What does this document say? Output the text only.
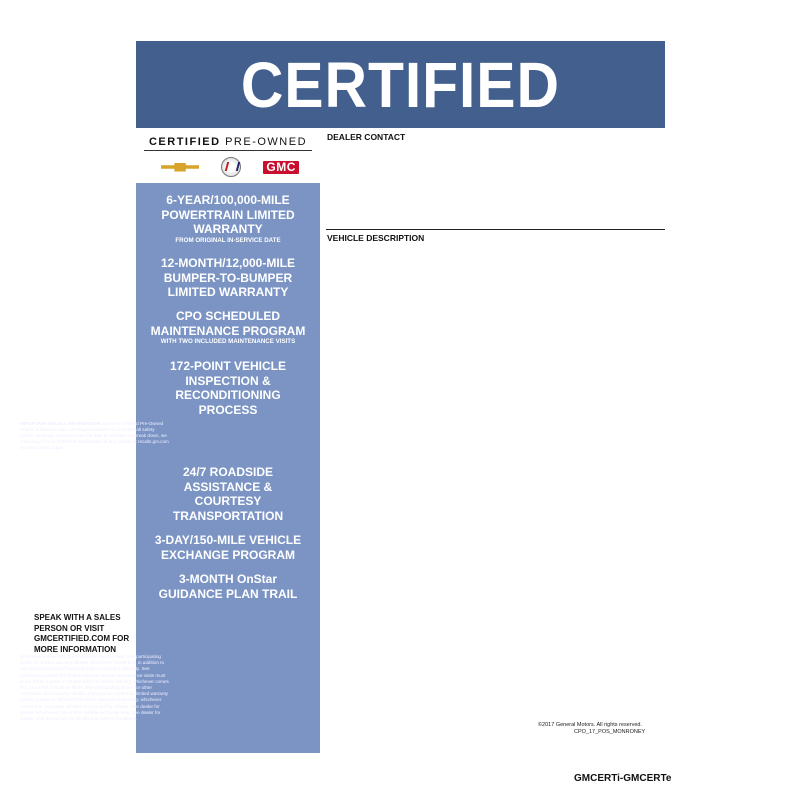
CERTIFIED
CERTIFIED PRE-OWNED
GMC
6-YEAR/100,000-MILE POWERTRAIN LIMITED WARRANTY
FROM ORIGINAL IN-SERVICE DATE
12-MONTH/12,000-MILE BUMPER-TO-BUMPER LIMITED WARRANTY
CPO SCHEDULED MAINTENANCE PROGRAM
WITH TWO INCLUDED MAINTENANCE VISITS
172-POINT VEHICLE INSPECTION & RECONDITIONING PROCESS
24/7 ROADSIDE ASSISTANCE & COURTESY TRANSPORTATION
3-DAY/150-MILE VEHICLE EXCHANGE PROGRAM
3-MONTH OnStar GUIDANCE PLAN TRAIL
IMPORTANT RECALL INFORMATION: Before a Certified Pre-Owned vehicle is listed or sold, GM requires dealers to complete all safety recalls. However, because even the best processes can break down, we encourage you to check the recall status of any vehicle at recalls.gm.com or www.SaferCar.gov.
SPEAK WITH A SALES PERSON OR VISIT GMCERTIFIED.COM FOR MORE INFORMATION
Whichever comes first, from original in-service date. See participating dealer for limited-warranty details. Whichever comes first, in addition to any remaining original factory Bumper-to-Bumper warranty. See participating dealer for limited-warranty details. Maintenance visits must occur within 2 years or 24,000 miles of vehicle delivery, whichever comes first. Does not include air filters. See participating dealer for other restrictions and complete details. During your powertrain limited warranty period, 6 years or 100,000 miles from new vehicle delivery, whichever comes first. Roadside assistance provided by Allstate. See dealer for details. Whichever comes first. Vehicle exchange only. See dealer for details. Visit onstar.com for details and system limitations.
DEALER CONTACT
VEHICLE DESCRIPTION
©2017 General Motors. All rights reserved.
CPO_17_POS_MONRONEY
GMCERTi-GMCERTe
